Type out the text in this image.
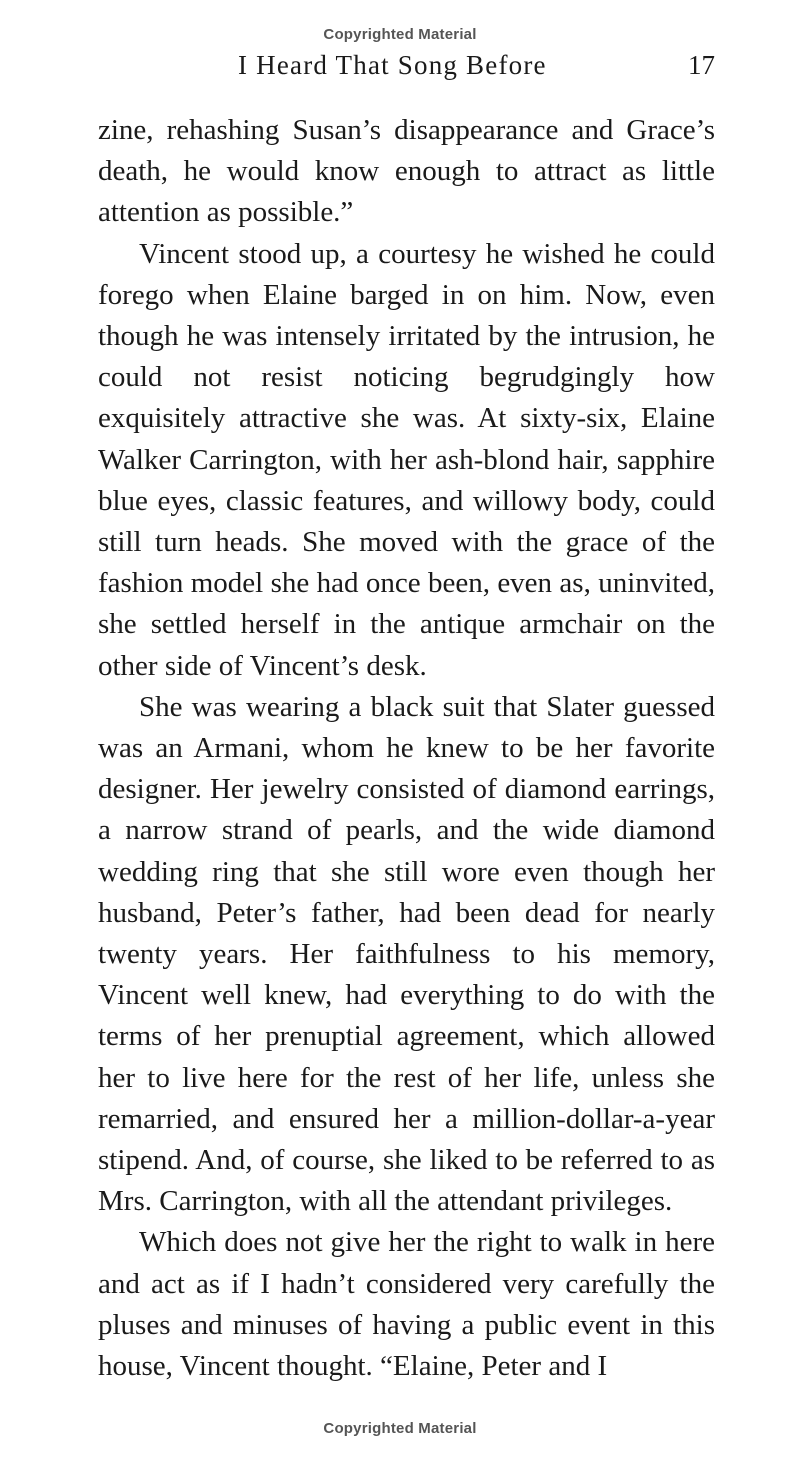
Copyrighted Material
I Heard That Song Before	17

zine, rehashing Susan’s disappearance and Grace’s death, he would know enough to attract as little attention as possible.”

Vincent stood up, a courtesy he wished he could forego when Elaine barged in on him. Now, even though he was intensely irritated by the intrusion, he could not resist noticing begrudgingly how exquisitely attractive she was. At sixty-six, Elaine Walker Carrington, with her ash-blond hair, sapphire blue eyes, classic features, and willowy body, could still turn heads. She moved with the grace of the fashion model she had once been, even as, uninvited, she settled herself in the antique armchair on the other side of Vincent’s desk.

She was wearing a black suit that Slater guessed was an Armani, whom he knew to be her favorite designer. Her jewelry consisted of diamond earrings, a narrow strand of pearls, and the wide diamond wedding ring that she still wore even though her husband, Peter’s father, had been dead for nearly twenty years. Her faithfulness to his memory, Vincent well knew, had everything to do with the terms of her prenuptial agreement, which allowed her to live here for the rest of her life, unless she remarried, and ensured her a million-dollar-a-year stipend. And, of course, she liked to be referred to as Mrs. Carrington, with all the attendant privileges.

Which does not give her the right to walk in here and act as if I hadn’t considered very carefully the pluses and minuses of having a public event in this house, Vincent thought. “Elaine, Peter and I

Copyrighted Material
